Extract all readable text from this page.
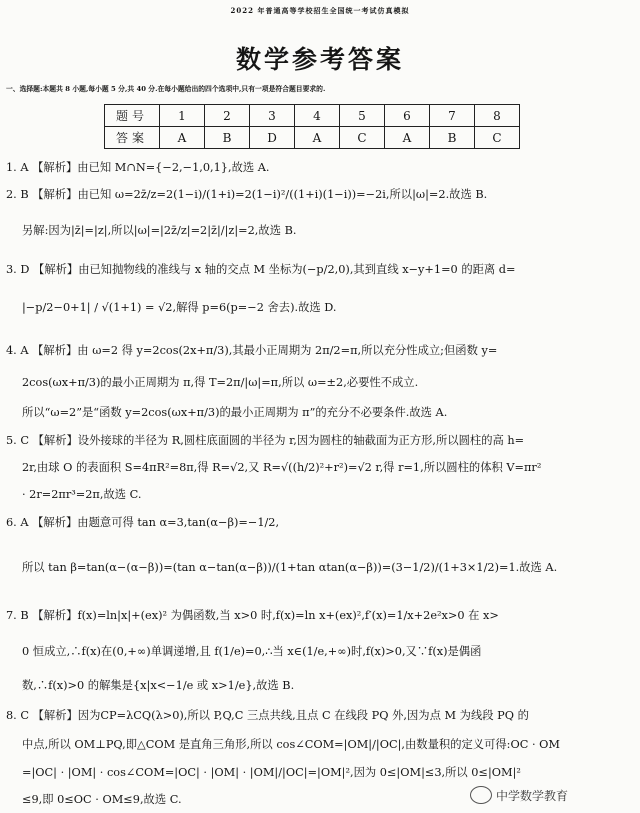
2022 年普通高等学校招生全国统一考试仿真模拟
数学参考答案
一、选择题:本题共 8 小题,每小题 5 分,共 40 分.在每小题给出的四个选项中,只有一项是符合题目要求的.
题号	1	2	3	4	5	6	7	8
答案	A	B	D	A	C	A	B	C
1. A 【解析】由已知 M∩N={−2,−1,0,1},故选 A.
2. B 【解析】由已知 ω=2z̄/z=2(1−i)/(1+i)=2(1−i)²/((1+i)(1−i))=−2i,所以|ω|=2.故选 B.
另解:因为|z̄|=|z|,所以|ω|=|2z̄/z|=2|z̄|/|z|=2,故选 B.
3. D 【解析】由已知抛物线的准线与 x 轴的交点 M 坐标为(−p/2,0),其到直线 x−y+1=0 的距离 d=
|−p/2−0+1| / √(1+1) = √2,解得 p=6(p=−2 舍去).故选 D.
4. A 【解析】由 ω=2 得 y=2cos(2x+π/3),其最小正周期为 2π/2=π,所以充分性成立;但函数 y=
2cos(ωx+π/3)的最小正周期为 π,得 T=2π/|ω|=π,所以 ω=±2,必要性不成立.
所以“ω=2”是“函数 y=2cos(ωx+π/3)的最小正周期为 π”的充分不必要条件.故选 A.
5. C 【解析】设外接球的半径为 R,圆柱底面圆的半径为 r,因为圆柱的轴截面为正方形,所以圆柱的高 h=
2r,由球 O 的表面积 S=4πR²=8π,得 R=√2,又 R=√((h/2)²+r²)=√2 r,得 r=1,所以圆柱的体积 V=πr²
· 2r=2πr³=2π,故选 C.
6. A 【解析】由题意可得 tan α=3,tan(α−β)=−1/2,
所以 tan β=tan(α−(α−β))=(tan α−tan(α−β))/(1+tan αtan(α−β))=(3−1/2)/(1+3×1/2)=1.故选 A.
7. B 【解析】f(x)=ln|x|+(ex)² 为偶函数,当 x>0 时,f(x)=ln x+(ex)²,f′(x)=1/x+2e²x>0 在 x>
0 恒成立,∴f(x)在(0,+∞)单调递增,且 f(1/e)=0,∴当 x∈(1/e,+∞)时,f(x)>0,又∵f(x)是偶函
数,∴f(x)>0 的解集是{x|x<−1/e 或 x>1/e},故选 B.
8. C 【解析】因为CP=λCQ(λ>0),所以 P,Q,C 三点共线,且点 C 在线段 PQ 外,因为点 M 为线段 PQ 的
中点,所以 OM⊥PQ,即△COM 是直角三角形,所以 cos∠COM=|OM|/|OC|,由数量积的定义可得:OC · OM
=|OC| · |OM| · cos∠COM=|OC| · |OM| · |OM|/|OC|=|OM|²,因为 0≤|OM|≤3,所以 0≤|OM|²
≤9,即 0≤OC · OM≤9,故选 C.	中学数学教育
